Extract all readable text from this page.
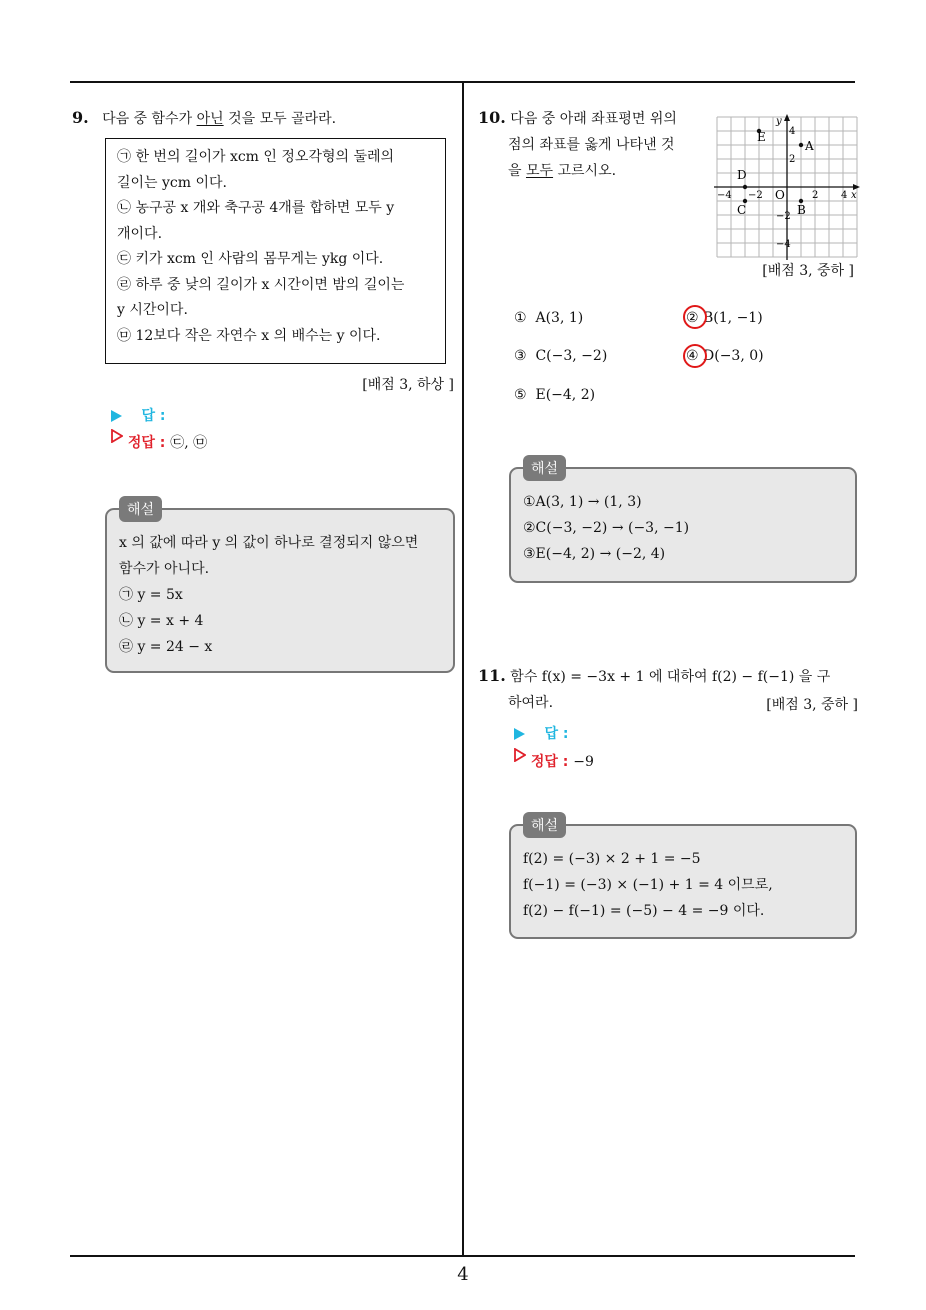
4
9. 다음 중 함수가 아닌 것을 모두 골라라.
㉠ 한 번의 길이가 xcm 인 정오각형의 둘레의
길이는 ycm 이다.
㉡ 농구공 x 개와 축구공 4개를 합하면 모두 y
개이다.
㉢ 키가 xcm 인 사람의 몸무게는 ykg 이다.
㉣ 하루 중 낮의 길이가 x 시간이면 밤의 길이는
y 시간이다.
㉤ 12보다 작은 자연수 x 의 배수는 y 이다.
[배점 3, 하상 ]
답 :
정답 : ㉢, ㉤
해설
x 의 값에 따라 y 의 값이 하나로 결정되지 않으면
함수가 아니다.
㉠ y = 5x
㉡ y = x + 4
㉣ y = 24 − x
10. 다음 중 아래 좌표평면 위의
점의 좌표를 옳게 나타낸 것
을 모두 고르시오.
x
y
O
−4 −2	2 4
4
2
−2
−4
A
B
C
D
E
[배점 3, 중하 ]
① A(3, 1)	② B(1, −1)
③ C(−3, −2)	④ D(−3, 0)
⑤ E(−4, 2)
해설
①A(3, 1) → (1, 3)
②C(−3, −2) → (−3, −1)
③E(−4, 2) → (−2, 4)
11. 함수 f(x) = −3x + 1 에 대하여 f(2) − f(−1) 을 구
하여라.	[배점 3, 중하 ]
답 :
정답 : −9
해설
f(2) = (−3) × 2 + 1 = −5
f(−1) = (−3) × (−1) + 1 = 4 이므로,
f(2) − f(−1) = (−5) − 4 = −9 이다.
